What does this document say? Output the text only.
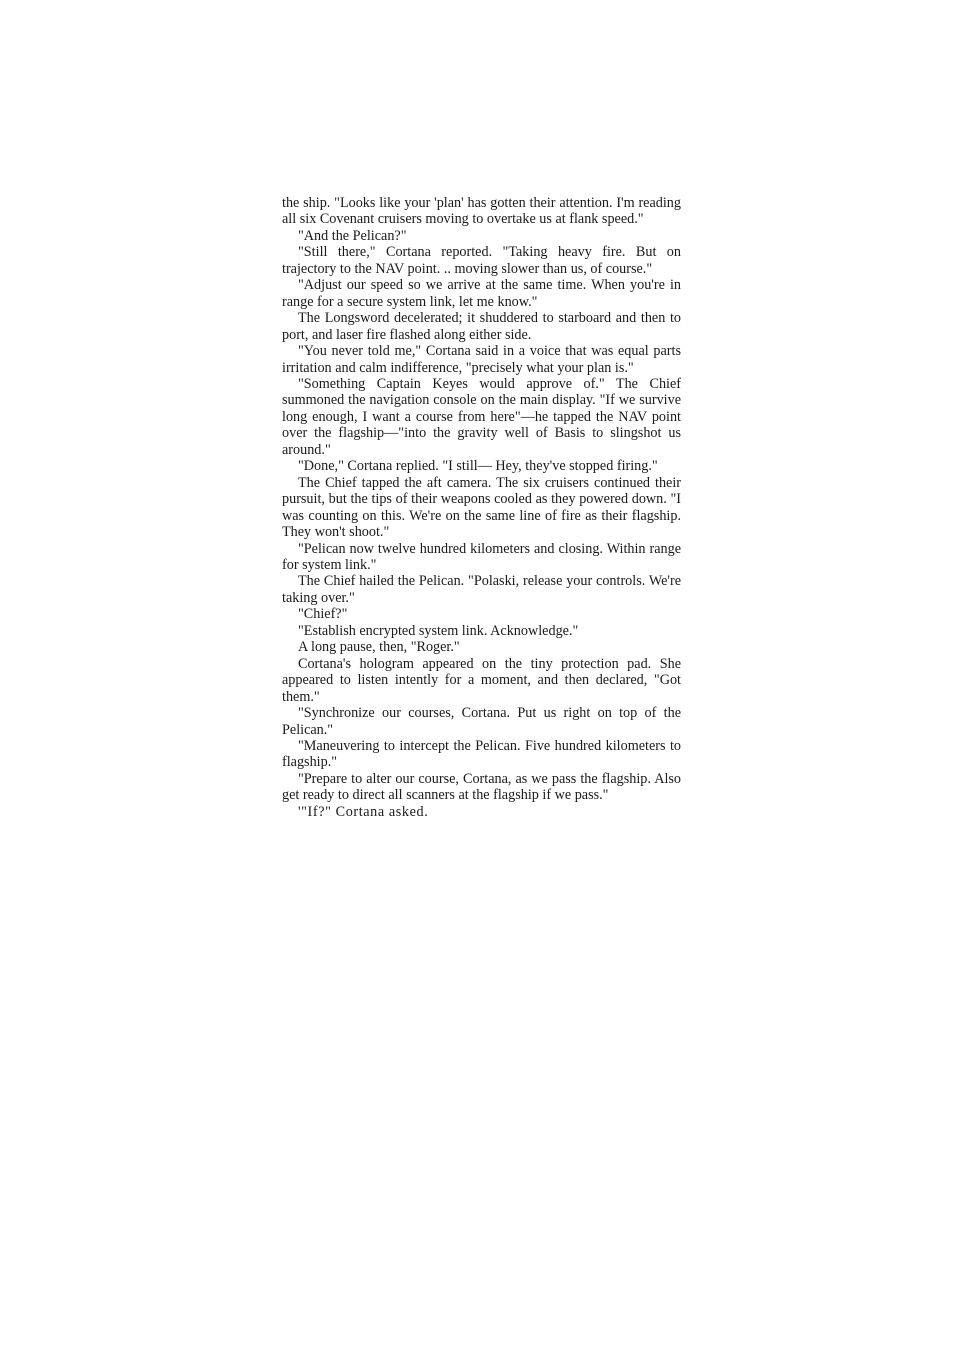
the ship. "Looks like your 'plan' has gotten their attention. I'm reading all six Covenant cruisers moving to overtake us at flank speed."

"And the Pelican?"

"Still there," Cortana reported. "Taking heavy fire. But on trajectory to the NAV point. .. moving slower than us, of course."

"Adjust our speed so we arrive at the same time. When you're in range for a secure system link, let me know."

The Longsword decelerated; it shuddered to starboard and then to port, and laser fire flashed along either side.

"You never told me," Cortana said in a voice that was equal parts irritation and calm indifference, "precisely what your plan is."

"Something Captain Keyes would approve of." The Chief summoned the navigation console on the main display. "If we survive long enough, I want a course from here"—he tapped the NAV point over the flagship—"into the gravity well of Basis to slingshot us around."

"Done," Cortana replied. "I still— Hey, they've stopped firing."

The Chief tapped the aft camera. The six cruisers continued their pursuit, but the tips of their weapons cooled as they powered down. "I was counting on this. We're on the same line of fire as their flagship. They won't shoot."

"Pelican now twelve hundred kilometers and closing. Within range for system link."

The Chief hailed the Pelican. "Polaski, release your controls. We're taking over."

"Chief?"

"Establish encrypted system link. Acknowledge."

A long pause, then, "Roger."

Cortana's hologram appeared on the tiny protection pad. She appeared to listen intently for a moment, and then declared, "Got them."

"Synchronize our courses, Cortana. Put us right on top of the Pelican."

"Maneuvering to intercept the Pelican. Five hundred kilometers to flagship."

"Prepare to alter our course, Cortana, as we pass the flagship. Also get ready to direct all scanners at the flagship if we pass."

'"If?" Cortana asked.
